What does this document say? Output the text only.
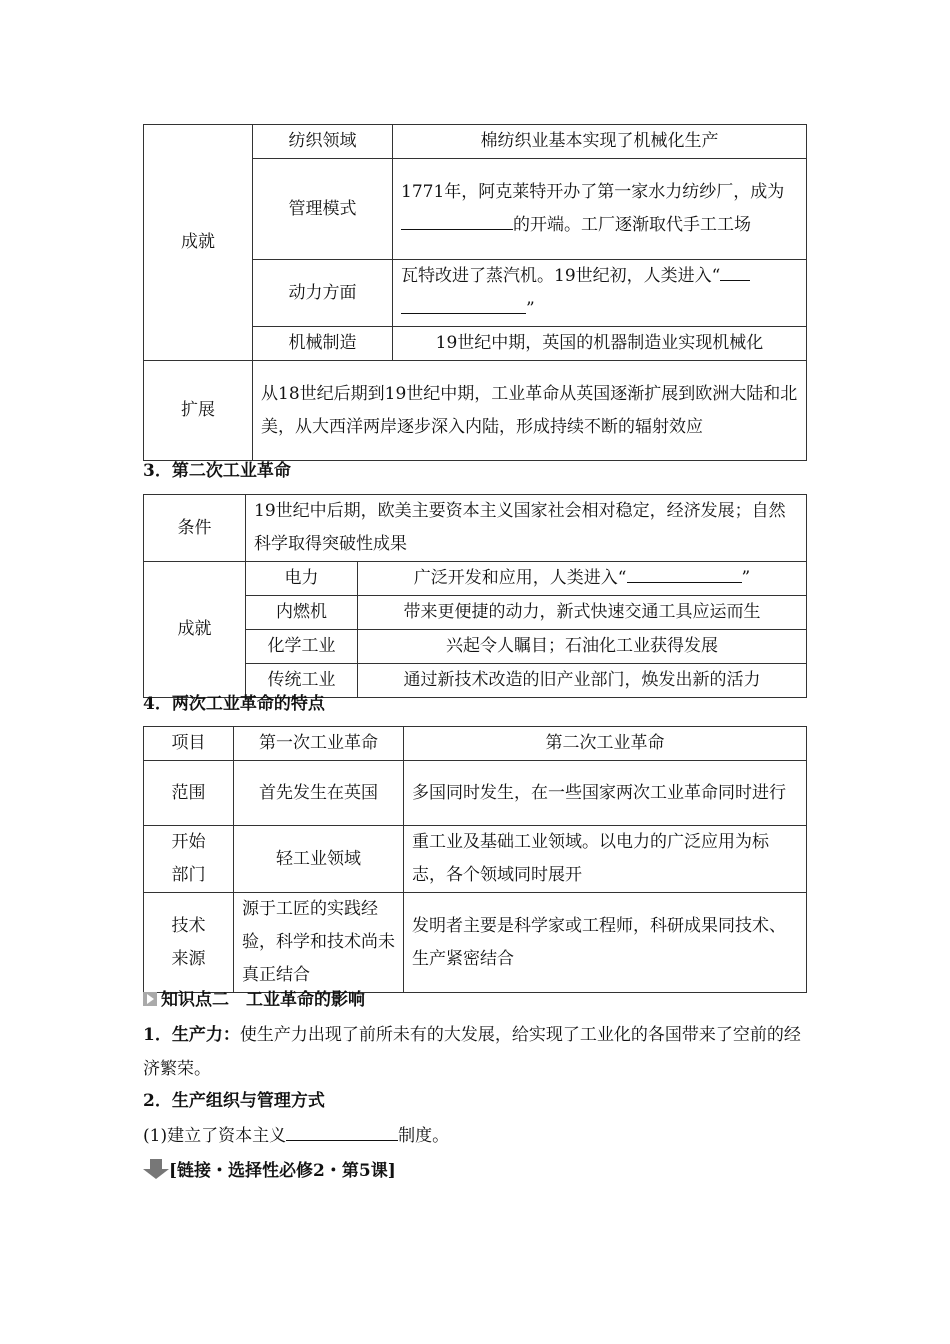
成就	纺织领域	棉纺织业基本实现了机械化生产
	管理模式	1771年，阿克莱特开办了第一家水力纺纱厂，成为的开端。工厂逐渐取代手工工场
	动力方面	瓦特改进了蒸汽机。19世纪初，人类进入“
”
	机械制造	19世纪中期，英国的机器制造业实现机械化
扩展	从18世纪后期到19世纪中期，工业革命从英国逐渐扩展到欧洲大陆和北美，从大西洋两岸逐步深入内陆，形成持续不断的辐射效应	
3．第二次工业革命
条件	19世纪中后期，欧美主要资本主义国家社会相对稳定，经济发展；自然科学取得突破性成果	
成就	电力	广泛开发和应用，人类进入“ ”
	内燃机	带来更便捷的动力，新式快速交通工具应运而生
	化学工业	兴起令人瞩目；石油化工业获得发展
	传统工业	通过新技术改造的旧产业部门，焕发出新的活力
4．两次工业革命的特点
项目	第一次工业革命	第二次工业革命
范围	首先发生在英国	多国同时发生，在一些国家两次工业革命同时进行
开始部门	轻工业领域	重工业及基础工业领域。以电力的广泛应用为标志，各个领域同时展开
技术来源	源于工匠的实践经验，科学和技术尚未真正结合	发明者主要是科学家或工程师，科研成果同技术、生产紧密结合
知识点二　工业革命的影响
1．生产力：使生产力出现了前所未有的大发展，给实现了工业化的各国带来了空前的经济繁荣。
2．生产组织与管理方式
(1)建立了资本主义	制度。
[链接・选择性必修2・第5课]
